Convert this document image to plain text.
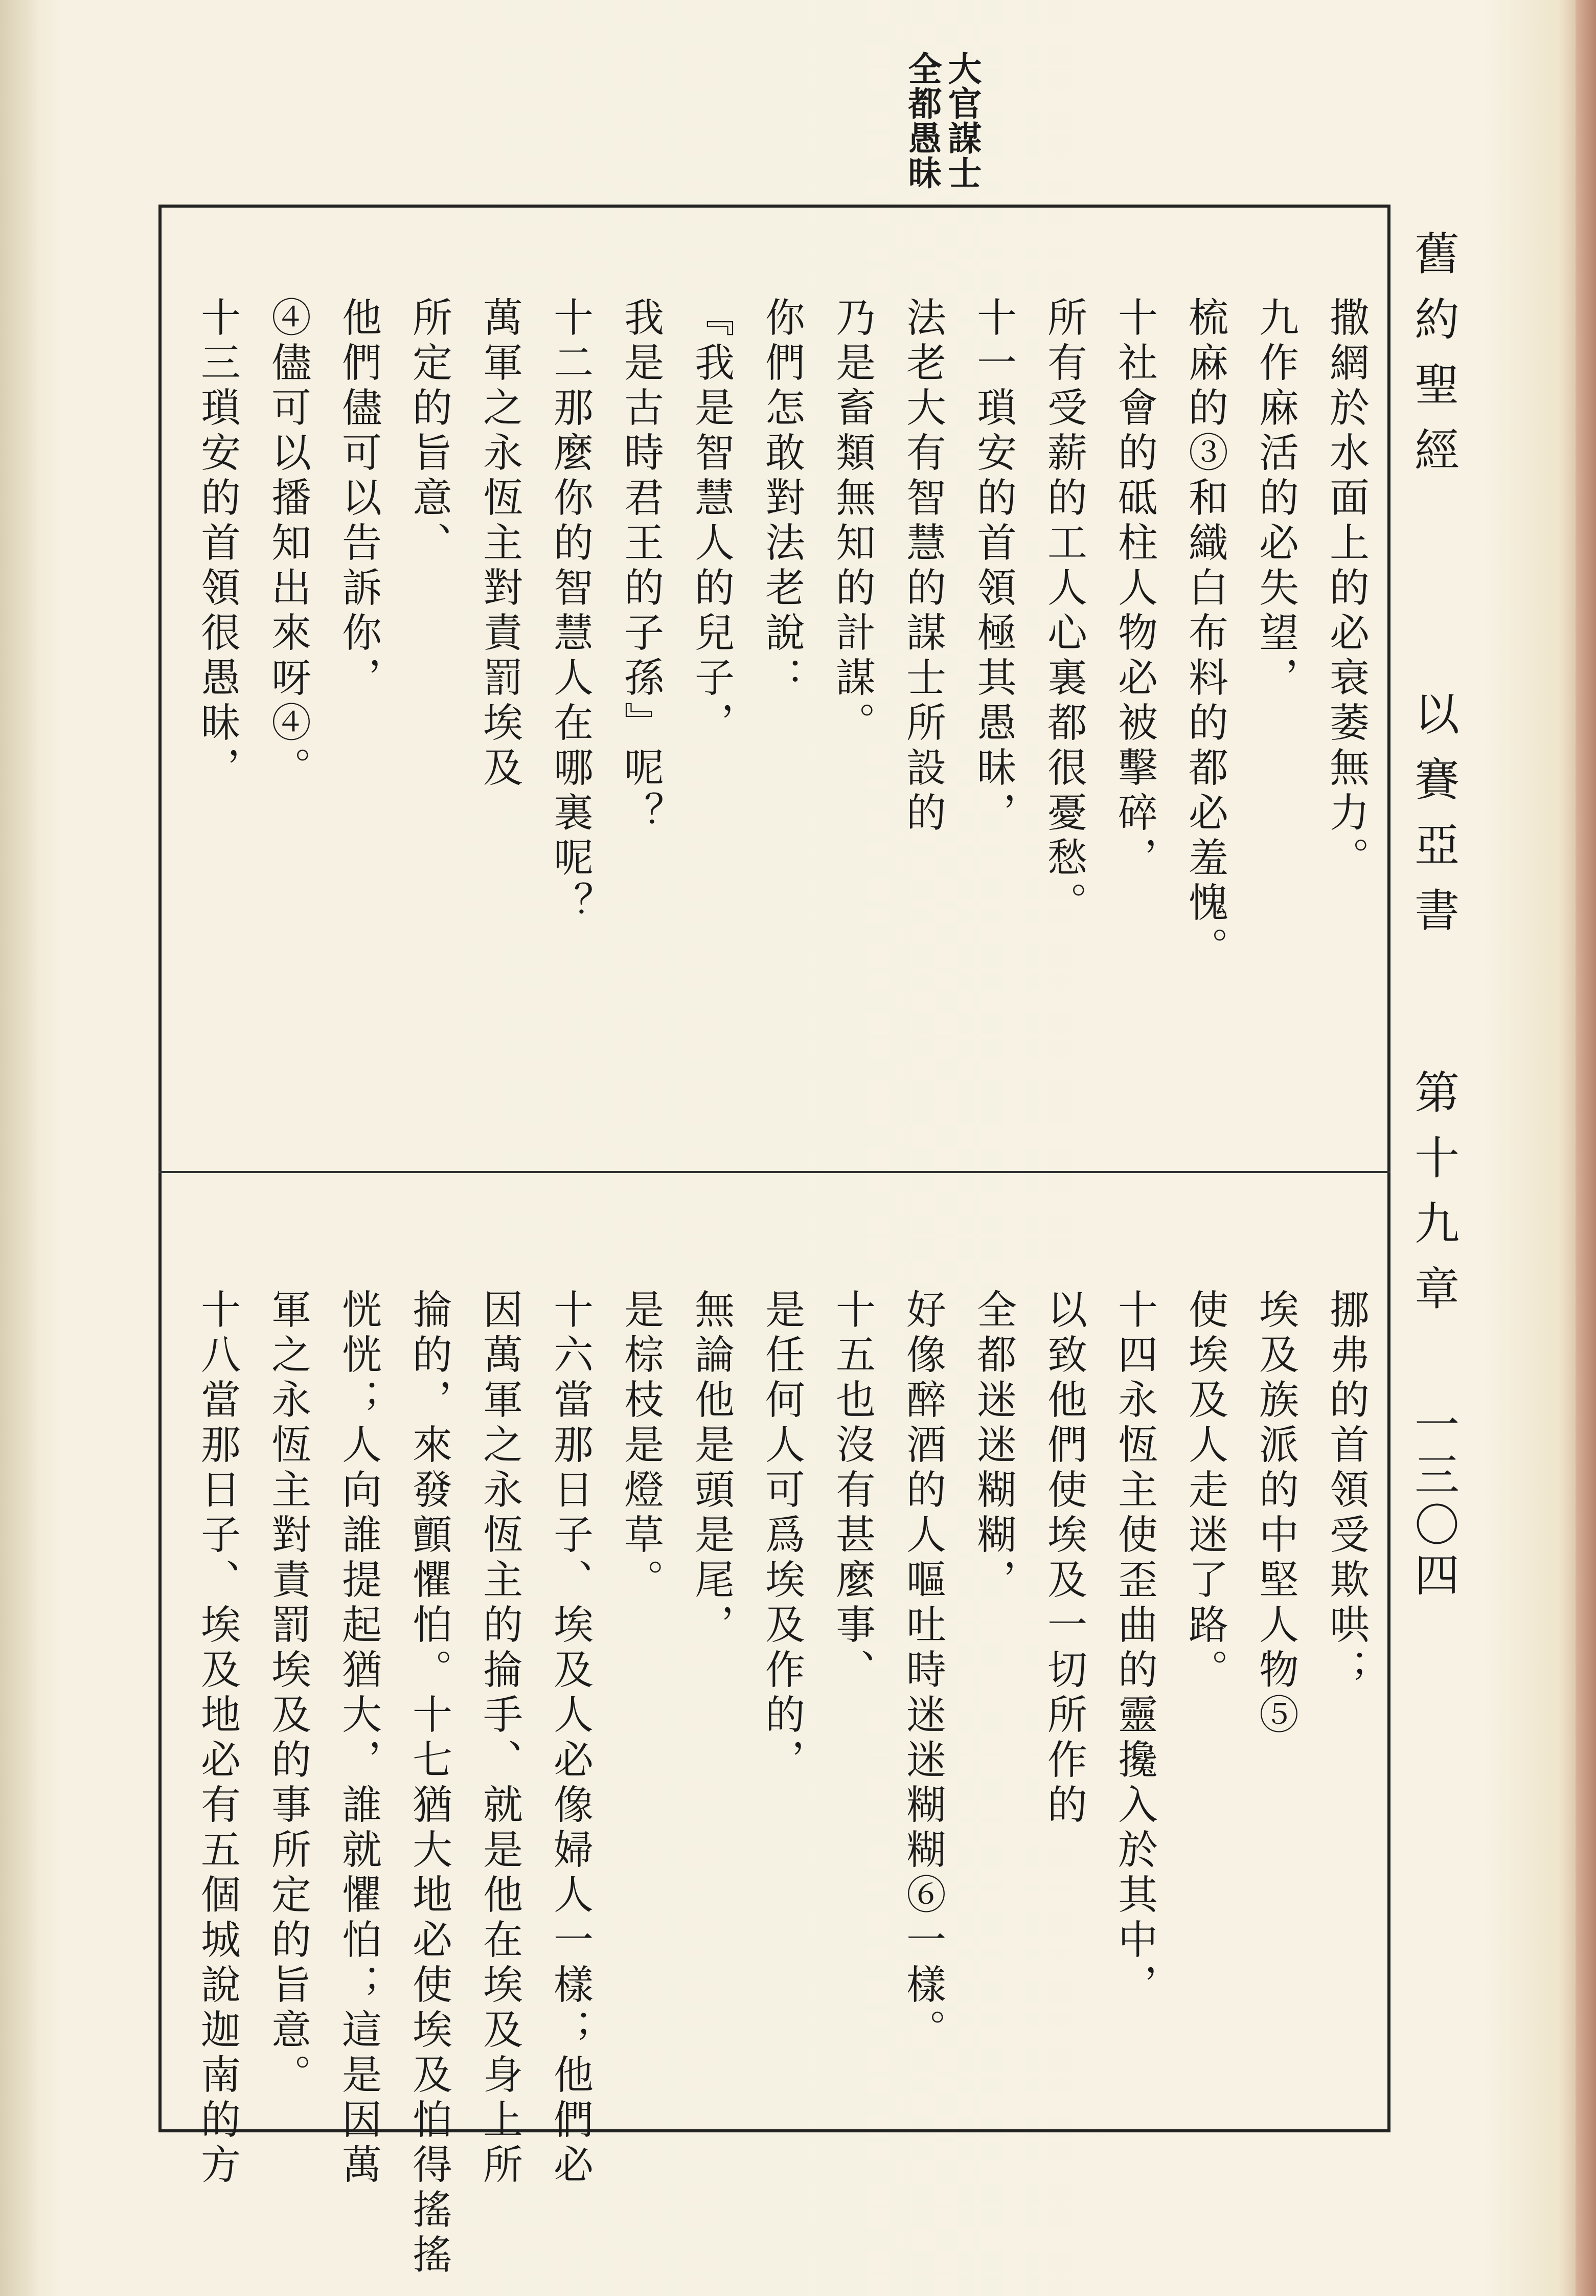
大官謀士
全都愚昧
舊約聖經
以賽亞書
第十九章
一三〇四
撒網於水面上的必衰萎無力。
九作麻活的必失望，
梳麻的③和織白布料的都必羞愧。
十社會的砥柱人物必被擊碎，
所有受薪的工人心裏都很憂愁。
十一瑣安的首領極其愚昧，
法老大有智慧的謀士所設的
乃是畜類無知的計謀。
你們怎敢對法老說：
『我是智慧人的兒子，
我是古時君王的子孫』呢？
十二那麼你的智慧人在哪裏呢？
萬軍之永恆主對責罰埃及
所定的旨意、
他們儘可以告訴你，
④儘可以播知出來呀④。
十三瑣安的首領很愚昧，
挪弗的首領受欺哄；
埃及族派的中堅人物⑤
使埃及人走迷了路。
十四永恆主使歪曲的靈攙入於其中，
以致他們使埃及一切所作的
全都迷迷糊糊，
好像醉酒的人嘔吐時迷迷糊糊⑥一樣。
十五也沒有甚麼事、
是任何人可爲埃及作的，
無論他是頭是尾，
是棕枝是燈草。
十六當那日子、埃及人必像婦人一樣；他們必
因萬軍之永恆主的掄手、就是他在埃及身上所
掄的，來發顫懼怕。十七猶大地必使埃及怕得搖搖
恍恍；人向誰提起猶大，誰就懼怕；這是因萬
軍之永恆主對責罰埃及的事所定的旨意。
十八當那日子、埃及地必有五個城說迦南的方
